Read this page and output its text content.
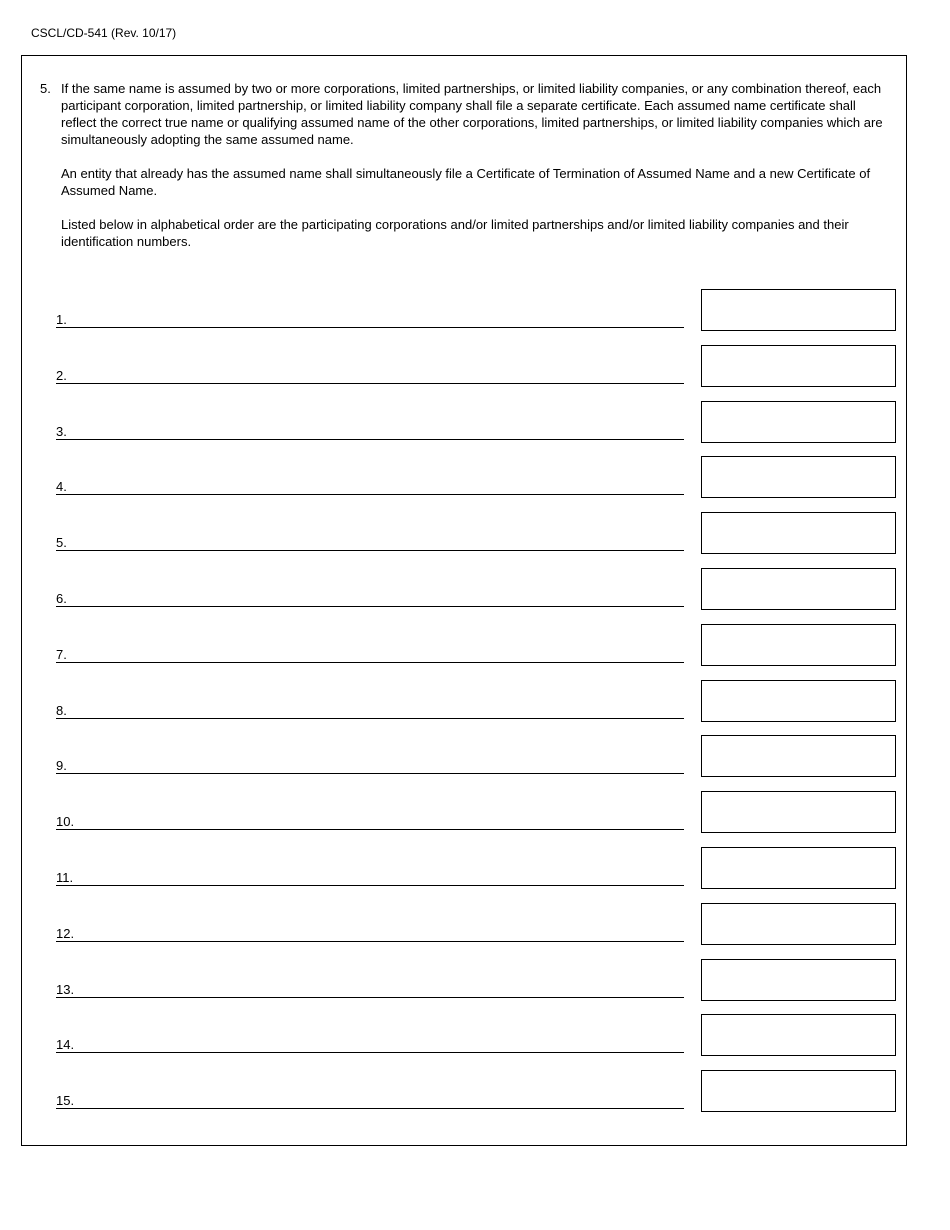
CSCL/CD-541 (Rev. 10/17)
5. If the same name is assumed by two or more corporations, limited partnerships, or limited liability companies, or any combination thereof, each participant corporation, limited partnership, or limited liability company shall file a separate certificate. Each assumed name certificate shall reflect the correct true name or qualifying assumed name of the other corporations, limited partnerships, or limited liability companies which are simultaneously adopting the same assumed name.

An entity that already has the assumed name shall simultaneously file a Certificate of Termination of Assumed Name and a new Certificate of Assumed Name.

Listed below in alphabetical order are the participating corporations and/or limited partnerships and/or limited liability companies and their identification numbers.

1.
2.
3.
4.
5.
6.
7.
8.
9.
10.
11.
12.
13.
14.
15.
